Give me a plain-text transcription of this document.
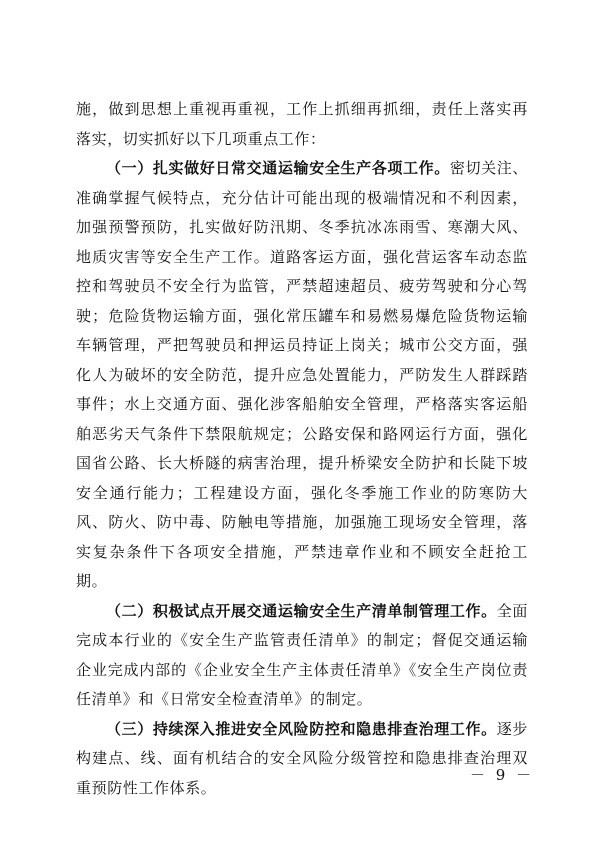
施，做到思想上重视再重视，工作上抓细再抓细，责任上落实再落实，切实抓好以下几项重点工作：

（一）扎实做好日常交通运输安全生产各项工作。密切关注、准确掌握气候特点，充分估计可能出现的极端情况和不利因素，加强预警预防，扎实做好防汛期、冬季抗冰冻雨雪、寒潮大风、地质灾害等安全生产工作。道路客运方面，强化营运客车动态监控和驾驶员不安全行为监管，严禁超速超员、疲劳驾驶和分心驾驶；危险货物运输方面，强化常压罐车和易燃易爆危险货物运输车辆管理，严把驾驶员和押运员持证上岗关；城市公交方面，强化人为破坏的安全防范，提升应急处置能力，严防发生人群踩踏事件；水上交通方面、强化涉客船舶安全管理，严格落实客运船舶恶劣天气条件下禁限航规定；公路安保和路网运行方面，强化国省公路、长大桥隧的病害治理，提升桥梁安全防护和长陡下坡安全通行能力；工程建设方面，强化冬季施工作业的防寒防大风、防火、防中毒、防触电等措施，加强施工现场安全管理，落实复杂条件下各项安全措施，严禁违章作业和不顾安全赶抢工期。

（二）积极试点开展交通运输安全生产清单制管理工作。全面完成本行业的《安全生产监管责任清单》的制定；督促交通运输企业完成内部的《企业安全生产主体责任清单》《安全生产岗位责任清单》和《日常安全检查清单》的制定。

（三）持续深入推进安全风险防控和隐患排查治理工作。逐步构建点、线、面有机结合的安全风险分级管控和隐患排查治理双重预防性工作体系。

－ 9 －
